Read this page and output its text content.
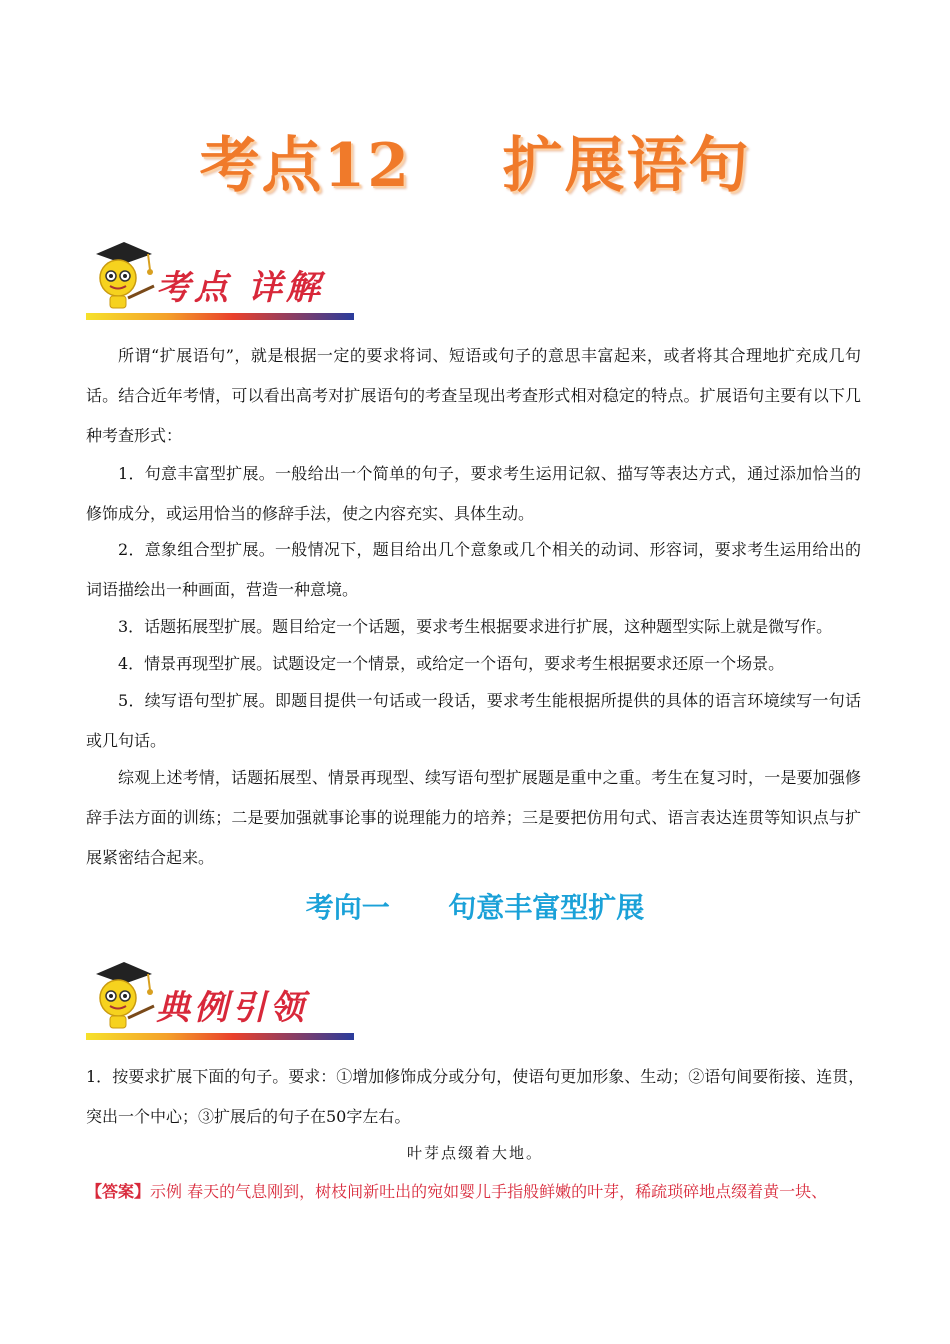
考点12    扩展语句
考点 详解

所谓“扩展语句”，就是根据一定的要求将词、短语或句子的意思丰富起来，或者将其合理地扩充成几句话。结合近年考情，可以看出高考对扩展语句的考查呈现出考查形式相对稳定的特点。扩展语句主要有以下几种考查形式：

1．句意丰富型扩展。一般给出一个简单的句子，要求考生运用记叙、描写等表达方式，通过添加恰当的修饰成分，或运用恰当的修辞手法，使之内容充实、具体生动。

2．意象组合型扩展。一般情况下，题目给出几个意象或几个相关的动词、形容词，要求考生运用给出的词语描绘出一种画面，营造一种意境。

3．话题拓展型扩展。题目给定一个话题，要求考生根据要求进行扩展，这种题型实际上就是微写作。

4．情景再现型扩展。试题设定一个情景，或给定一个语句，要求考生根据要求还原一个场景。

5．续写语句型扩展。即题目提供一句话或一段话，要求考生能根据所提供的具体的语言环境续写一句话或几句话。

综观上述考情，话题拓展型、情景再现型、续写语句型扩展题是重中之重。考生在复习时，一是要加强修辞手法方面的训练；二是要加强就事论事的说理能力的培养；三是要把仿用句式、语言表达连贯等知识点与扩展紧密结合起来。

考向一      句意丰富型扩展
典例引领
1．按要求扩展下面的句子。要求：①增加修饰成分或分句，使语句更加形象、生动；②语句间要衔接、连贯，突出一个中心；③扩展后的句子在50字左右。
叶芽点缀着大地。
【答案】示例 春天的气息刚到，树枝间新吐出的宛如婴儿手指般鲜嫩的叶芽，稀疏琐碎地点缀着黄一块、
